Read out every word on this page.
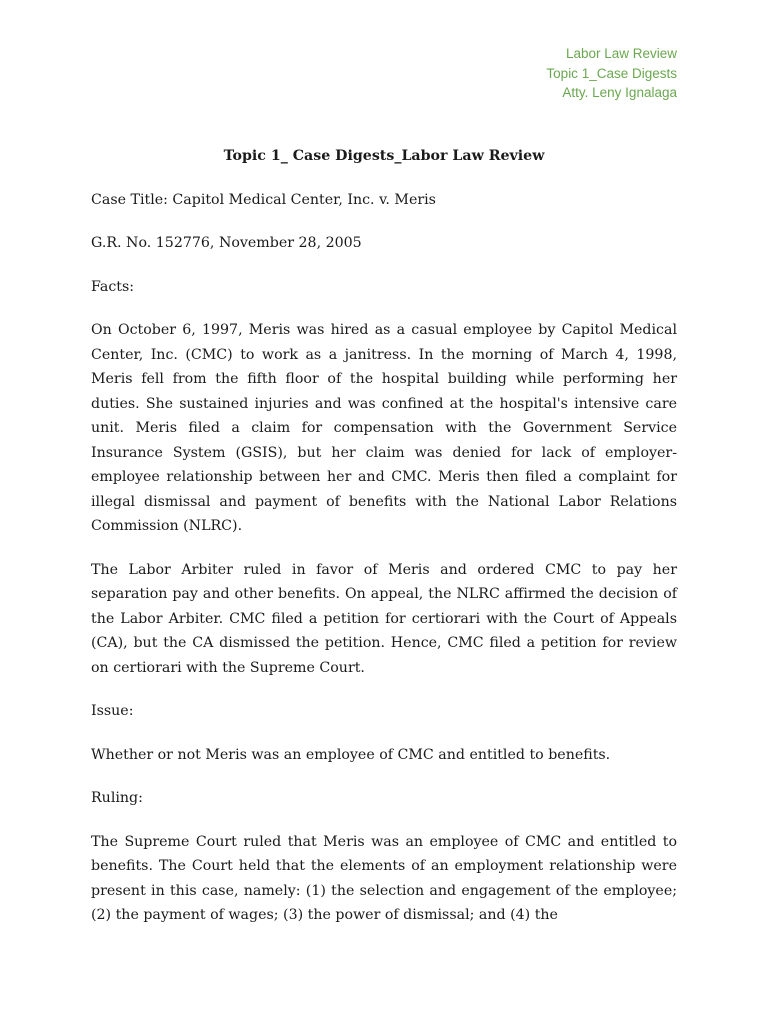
Labor Law Review
Topic 1_Case Digests
Atty. Leny Ignalaga

Topic 1_ Case Digests_Labor Law Review

Case Title: Capitol Medical Center, Inc. v. Meris

G.R. No. 152776, November 28, 2005

Facts:

On October 6, 1997, Meris was hired as a casual employee by Capitol Medical Center, Inc. (CMC) to work as a janitress. In the morning of March 4, 1998, Meris fell from the fifth floor of the hospital building while performing her duties. She sustained injuries and was confined at the hospital's intensive care unit. Meris filed a claim for compensation with the Government Service Insurance System (GSIS), but her claim was denied for lack of employer-employee relationship between her and CMC. Meris then filed a complaint for illegal dismissal and payment of benefits with the National Labor Relations Commission (NLRC).

The Labor Arbiter ruled in favor of Meris and ordered CMC to pay her separation pay and other benefits. On appeal, the NLRC affirmed the decision of the Labor Arbiter. CMC filed a petition for certiorari with the Court of Appeals (CA), but the CA dismissed the petition. Hence, CMC filed a petition for review on certiorari with the Supreme Court.

Issue:

Whether or not Meris was an employee of CMC and entitled to benefits.

Ruling:

The Supreme Court ruled that Meris was an employee of CMC and entitled to benefits. The Court held that the elements of an employment relationship were present in this case, namely: (1) the selection and engagement of the employee; (2) the payment of wages; (3) the power of dismissal; and (4) the
